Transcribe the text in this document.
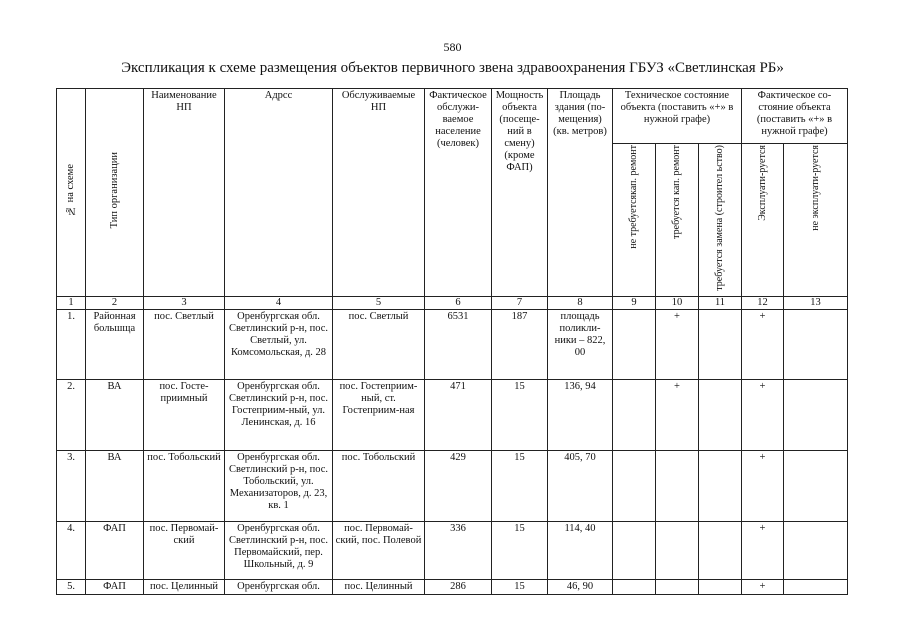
580
Экспликация к схеме размещения объектов первичного звена здравоохранения ГБУЗ «Светлинская РБ»
№ на схеме	Тип организации	Наименование НП	Адрсс	Обслуживаемые НП	Фактическое обслужи-ваемое население (человек)	Мощность объекта (посеще-ний в смену) (кроме ФАП)	Площадь здания (по-мещения) (кв. метров)	Техническое состояние объекта (поставить «+» в нужной графе)			Фактическое со-стояние объекта (поставить «+» в нужной графе)	
								не требуетсякап. ремонт	требуется кап. ремонт	требуется замена (строител ьство)	Эксплуати-руется	не эксплуати-руется
1	2	3	4	5	6	7	8	9	10	11	12	13
1.	Районная большща	пос. Светлый	Оренбургская обл. Светлинский р-н, пос. Светлый, ул. Комсомольская, д. 28	пос. Светлый	6531	187	площадь поликли-ники – 822, 00		+		+	
2.	ВА	пос. Госте-приимный	Оренбургская обл. Светлинский р-н, пос. Гостеприим-ный, ул. Ленинская, д. 16	пос. Гостеприим-ный, ст. Гостеприим-ная	471	15	136, 94		+		+	
3.	ВА	пос. Тобольский	Оренбургская обл. Светлинский р-н, пос. Тобольский, ул. Механизаторов, д. 23, кв. 1	пос. Тобольский	429	15	405, 70				+	
4.	ФАП	пос. Первомай-ский	Оренбургская обл. Светлинский р-н, пос. Первомайский, пер. Школьный, д. 9	пос. Первомай-ский, пос. Полевой	336	15	114, 40				+	
5.	ФАП	пос. Целинный	Оренбургская обл.	пос. Целинный	286	15	46, 90				+	
